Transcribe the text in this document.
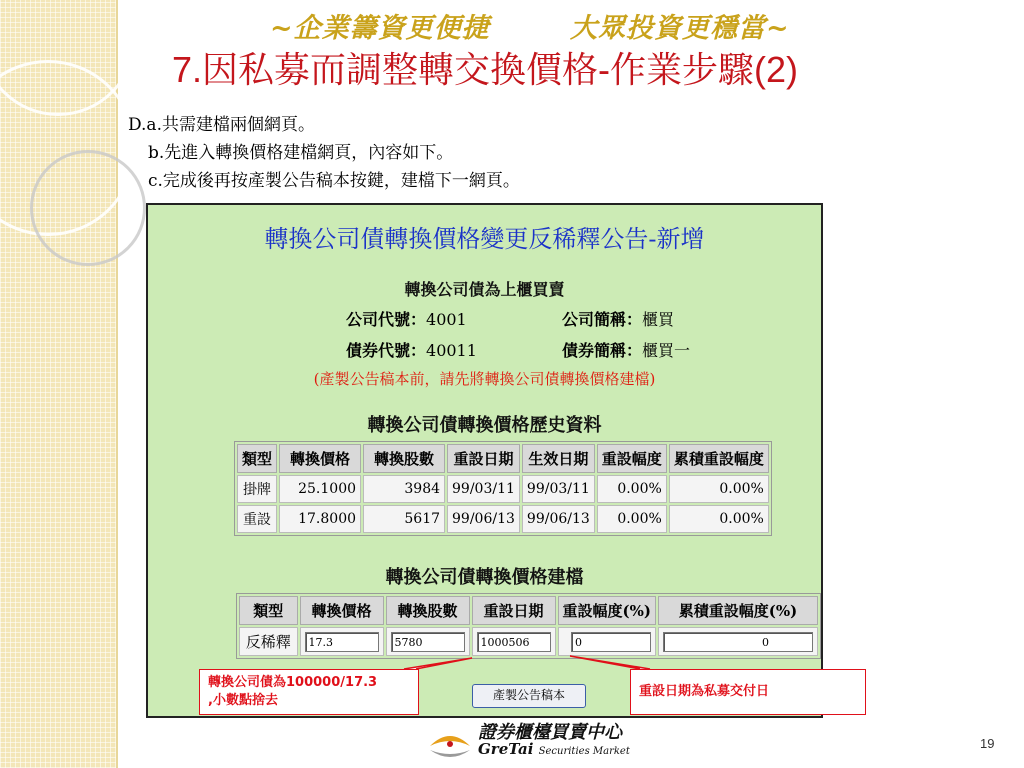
~企業籌資更便捷	大眾投資更穩當~
7.因私募而調整轉交換價格-作業步驟(2)
D.a.共需建檔兩個網頁。
b.先進入轉換價格建檔網頁，內容如下。
c.完成後再按產製公告稿本按鍵，建檔下一網頁。
轉換公司債轉換價格變更反稀釋公告-新增
轉換公司債為上櫃買賣
公司代號：4001	公司簡稱：櫃買
債券代號：40011	債券簡稱：櫃買一
(產製公告稿本前，請先將轉換公司債轉換價格建檔)
轉換公司債轉換價格歷史資料
類型	轉換價格	轉換股數	重設日期	生效日期	重設幅度	累積重設幅度
掛牌	25.1000	3984	99/03/11	99/03/11	0.00%	0.00%
重設	17.8000	5617	99/06/13	99/06/13	0.00%	0.00%
轉換公司債轉換價格建檔
類型	轉換價格	轉換股數	重設日期	重設幅度(%)	累積重設幅度(%)
反稀釋	17.3	5780	1000506	0	0
產製公告稿本
轉換公司債為100000/17.3
,小數點捨去
重設日期為私募交付日
證券櫃檯買賣中心
GreTai Securities Market
19
